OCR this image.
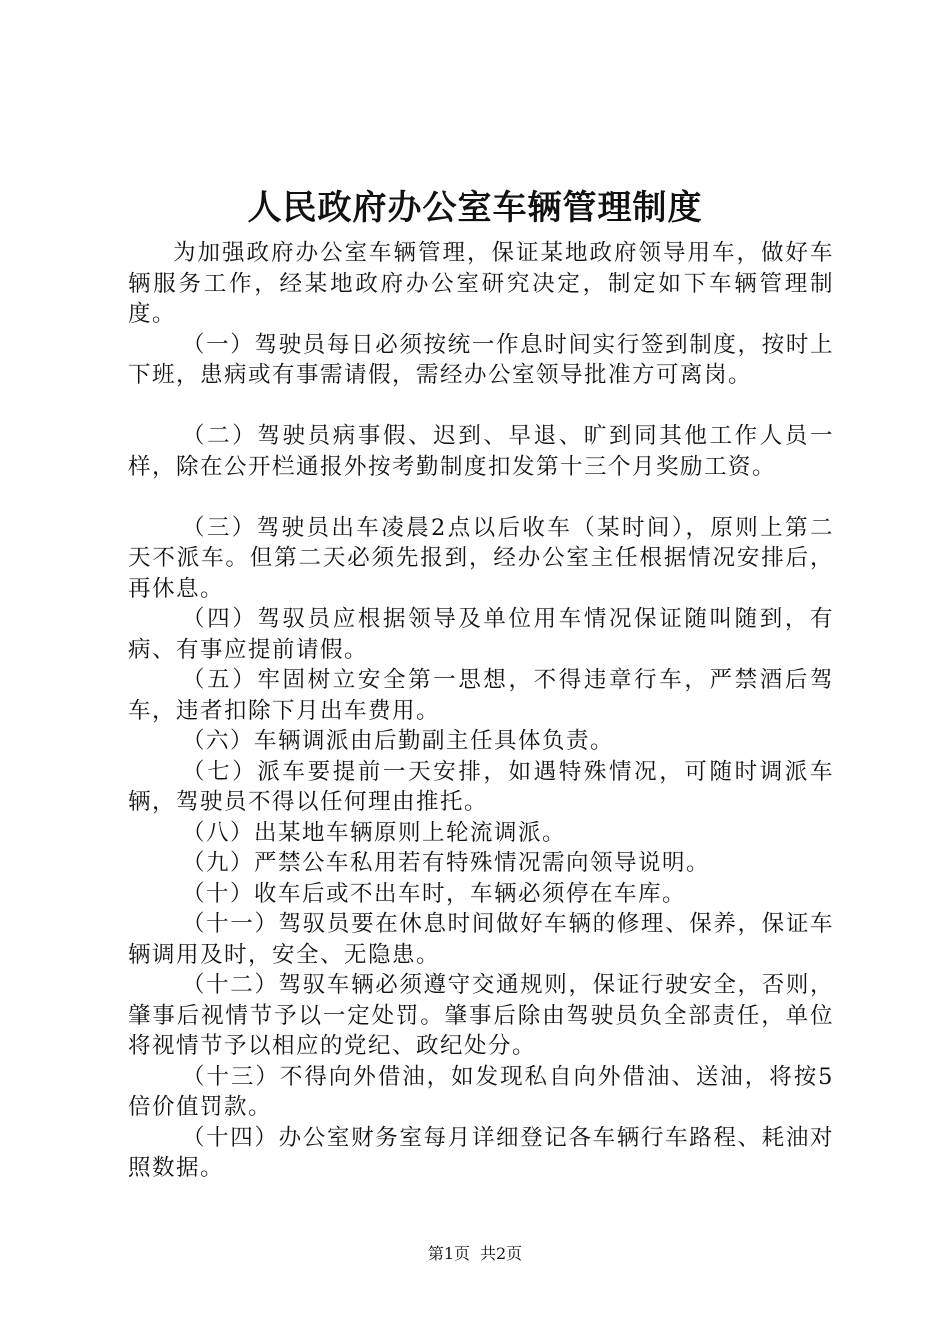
人民政府办公室车辆管理制度

为加强政府办公室车辆管理，保证某地政府领导用车，做好车辆服务工作，经某地政府办公室研究决定，制定如下车辆管理制度。

（一）驾驶员每日必须按统一作息时间实行签到制度，按时上下班，患病或有事需请假，需经办公室领导批准方可离岗。

（二）驾驶员病事假、迟到、早退、旷到同其他工作人员一样，除在公开栏通报外按考勤制度扣发第十三个月奖励工资。

（三）驾驶员出车凌晨2点以后收车（某时间），原则上第二天不派车。但第二天必须先报到，经办公室主任根据情况安排后，再休息。

（四）驾驭员应根据领导及单位用车情况保证随叫随到，有病、有事应提前请假。

（五）牢固树立安全第一思想，不得违章行车，严禁酒后驾车，违者扣除下月出车费用。

（六）车辆调派由后勤副主任具体负责。

（七）派车要提前一天安排，如遇特殊情况，可随时调派车辆，驾驶员不得以任何理由推托。

（八）出某地车辆原则上轮流调派。

（九）严禁公车私用若有特殊情况需向领导说明。

（十）收车后或不出车时，车辆必须停在车库。

（十一）驾驭员要在休息时间做好车辆的修理、保养，保证车辆调用及时，安全、无隐患。

（十二）驾驭车辆必须遵守交通规则，保证行驶安全，否则，肇事后视情节予以一定处罚。肇事后除由驾驶员负全部责任，单位将视情节予以相应的党纪、政纪处分。

（十三）不得向外借油，如发现私自向外借油、送油，将按5倍价值罚款。

（十四）办公室财务室每月详细登记各车辆行车路程、耗油对照数据。

第1页 共2页
